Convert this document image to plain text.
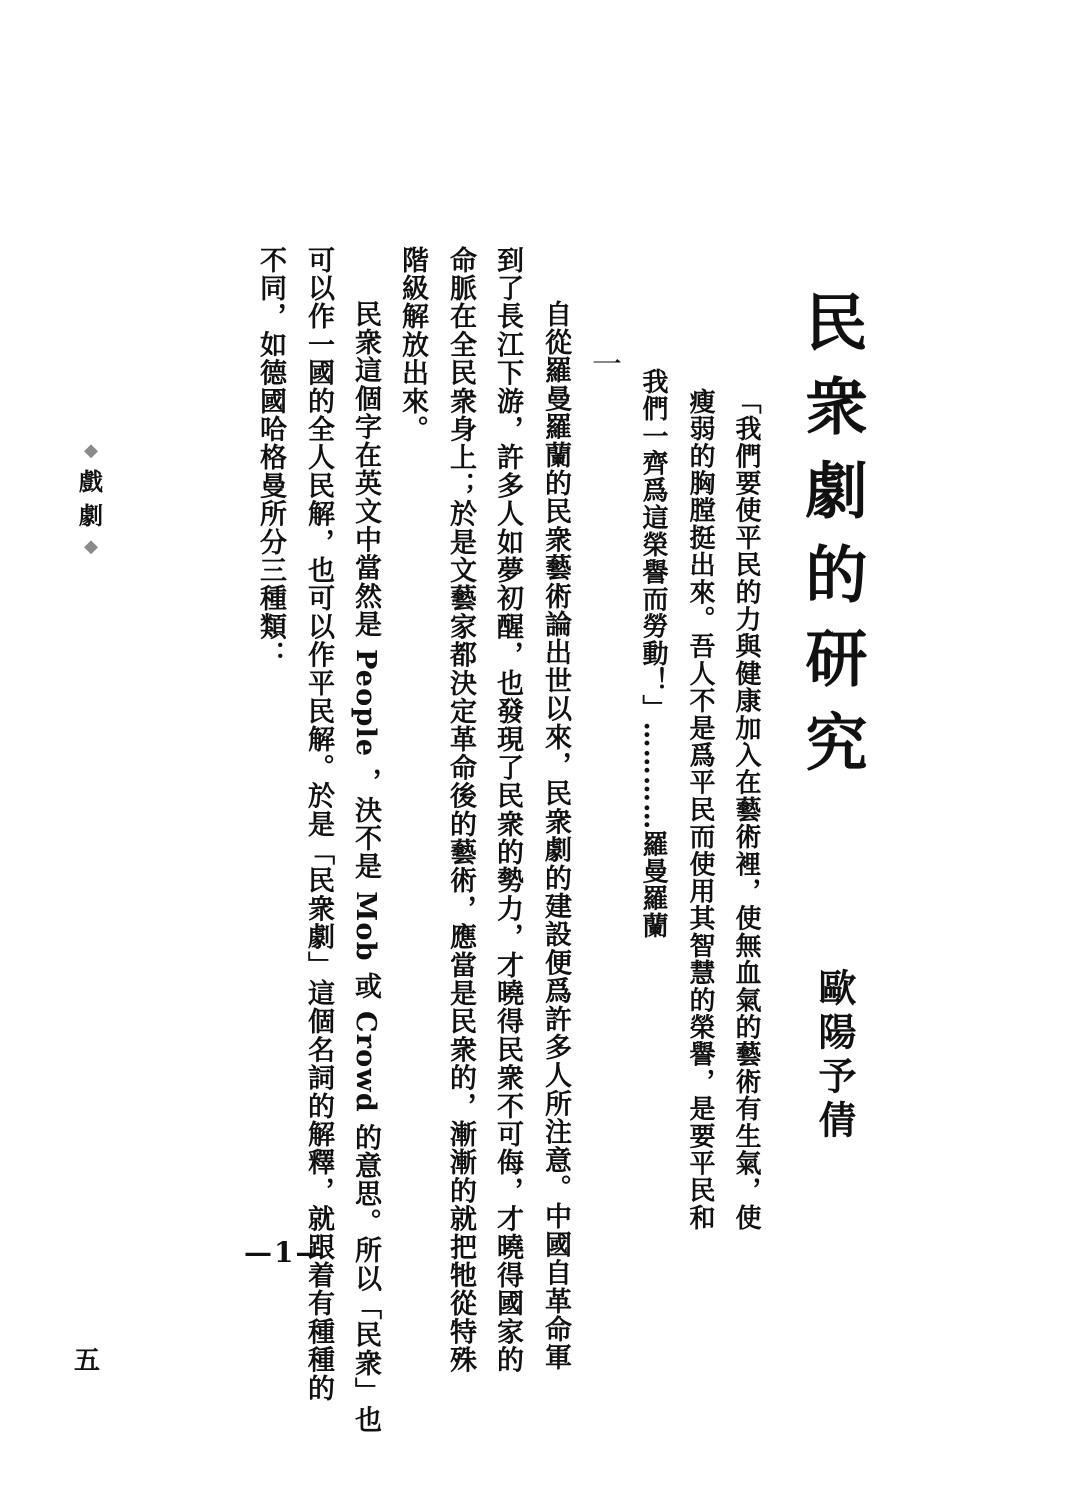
民衆劇的研究
歐陽予倩
「我們要使平民的力與健康加入在藝術裡，使無血氣的藝術有生氣，使
瘦弱的胸膛挺出來。吾人不是爲平民而使用其智慧的榮譽，是要平民和
我們一齊爲這榮譽而勞動！」…………羅曼羅蘭
一
自從羅曼羅蘭的民衆藝術論出世以來，民衆劇的建設便爲許多人所注意。中國自革命軍
到了長江下游，許多人如夢初醒，也發現了民衆的勢力，才曉得民衆不可侮，才曉得國家的
命脈在全民衆身上；於是文藝家都決定革命後的藝術，應當是民衆的，漸漸的就把牠從特殊
階級解放出來。
民衆這個字在英文中當然是 People ，決不是 Mob 或 Crowd 的意思。所以「民衆」也
可以作一國的全人民解，也可以作平民解。於是「民衆劇」這個名詞的解釋，就跟着有種種的
不同，如德國哈格曼所分三種類：
—1—
◆
戲
劇
◆
五
